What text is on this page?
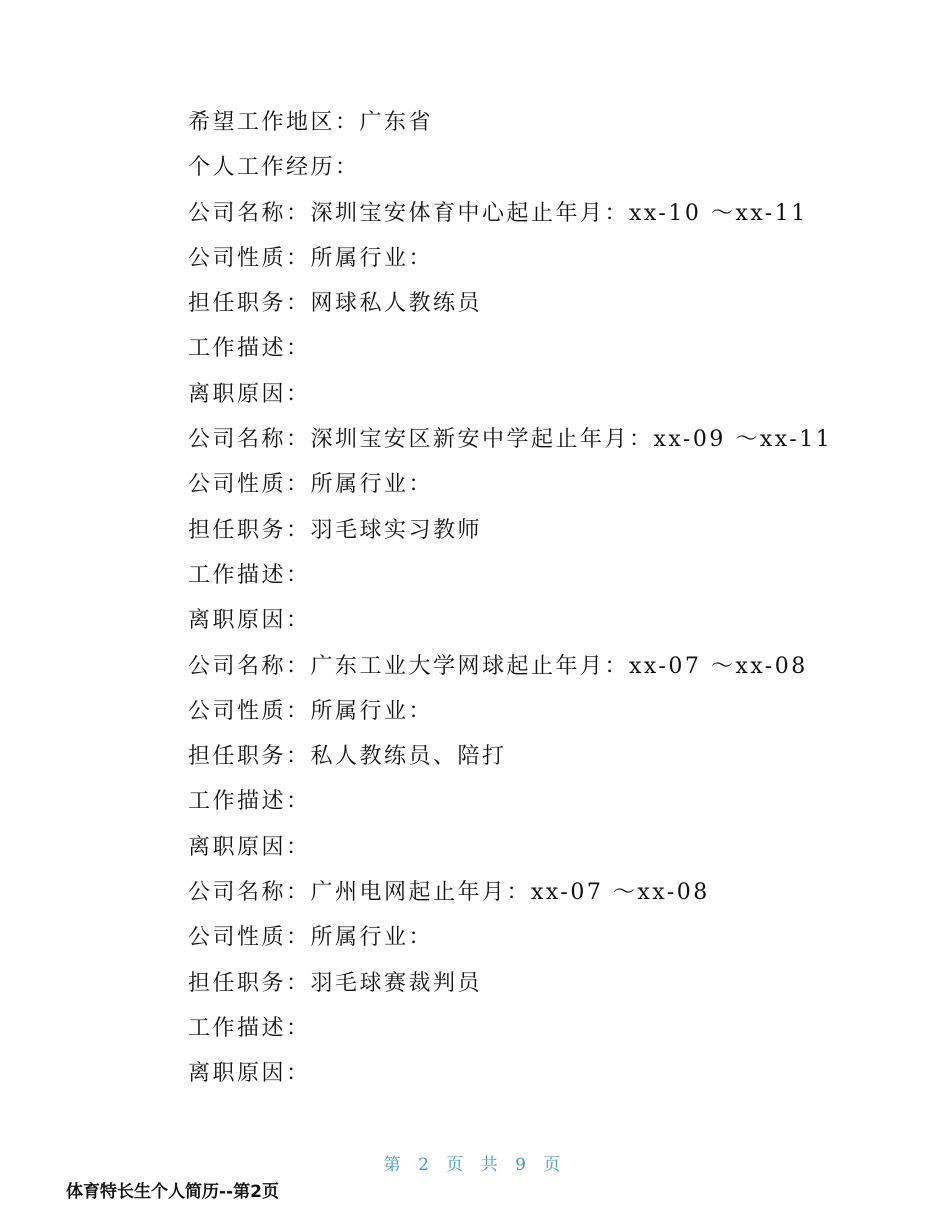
希望工作地区：广东省
个人工作经历：
公司名称：深圳宝安体育中心起止年月：xx-10 ～xx-11
公司性质：所属行业：
担任职务：网球私人教练员
工作描述：
离职原因：
公司名称：深圳宝安区新安中学起止年月：xx-09 ～xx-11
公司性质：所属行业：
担任职务：羽毛球实习教师
工作描述：
离职原因：
公司名称：广东工业大学网球起止年月：xx-07 ～xx-08
公司性质：所属行业：
担任职务：私人教练员、陪打
工作描述：
离职原因：
公司名称：广州电网起止年月：xx-07 ～xx-08
公司性质：所属行业：
担任职务：羽毛球赛裁判员
工作描述：
离职原因：
第 2 页 共 9 页
体育特长生个人简历--第2页
